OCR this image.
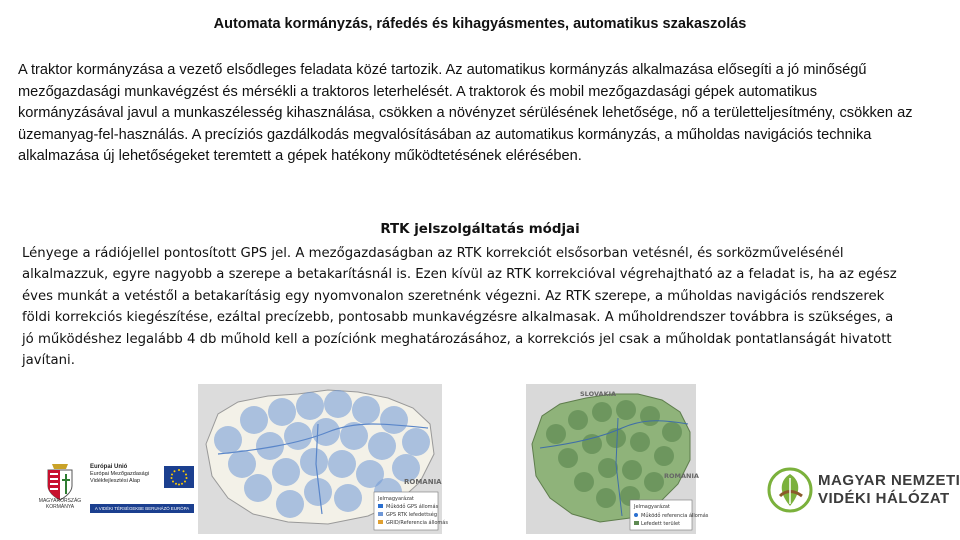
Automata kormányzás, ráfedés és kihagyásmentes, automatikus szakaszolás
A traktor kormányzása a vezető elsődleges feladata közé tartozik. Az automatikus kormányzás alkalmazása elősegíti a jó minőségű mezőgazdasági munkavégzést és mérsékli a traktoros leterhelését. A traktorok és mobil mezőgazdasági gépek automatikus kormányzásával javul a munkaszélesség kihasználása, csökken a növényzet sérülésének lehetősége, nő a területteljesítmény, csökken az üzemanyag-fel-használás. A precíziós gazdálkodás megvalósításában az automatikus kormányzás, a műholdas navigációs technika alkalmazása új lehetőségeket teremtett a gépek hatékony működtetésének elérésében.
RTK jelszolgáltatás módjai
Lényege a rádiójellel pontosított GPS jel. A mezőgazdaságban az RTK korrekciót elsősorban vetésnél, és sorközművelésénél alkalmazzuk, egyre nagyobb a szerepe a betakarításnál is. Ezen kívül az RTK korrekcióval végrehajtható az a feladat is, ha az egész éves munkát a vetéstől a betakarításig egy nyomvonalon szeretnénk végezni. Az RTK szerepe, a műholdas navigációs rendszerek földi korrekciós kiegészítése, ezáltal precízebb, pontosabb munkavégzésre alkalmasak. A műholdrendszer továbbra is szükséges, a jó működéshez legalább 4 db műhold kell a pozíciónk meghatározásához, a korrekciós jel csak a műholdak pontatlanságát hivatott javítani.
ROMANIA
Jelmagyarázat
Működő GPS állomás
GPS RTK lefedettség
GRID/Referencia állomás
SLOVAKIA
ROMANIA
Jelmagyarázat
Működő referencia állomás
Lefedett terület
MAGYARORSZÁG
KORMÁNYA
Európai Unió
Európai Mezőgazdasági
Vidékfejlesztési Alap
A VIDÉKI TÉRSÉGEKBE BERUHÁZÓ EURÓPA
MAGYAR NEMZETI
VIDÉKI HÁLÓZAT
